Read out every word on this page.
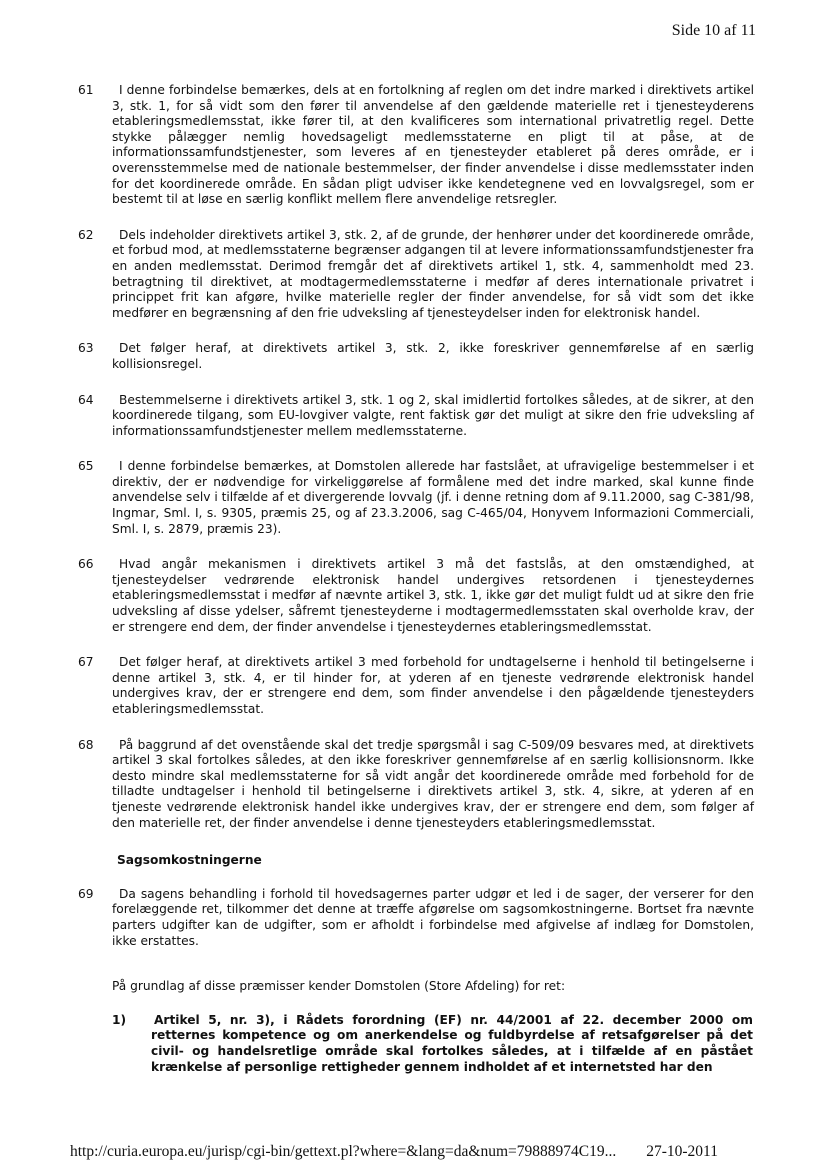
Side 10 af 11
61	I denne forbindelse bemærkes, dels at en fortolkning af reglen om det indre marked i direktivets artikel 3, stk. 1, for så vidt som den fører til anvendelse af den gældende materielle ret i tjenesteyderens etableringsmedlemsstat, ikke fører til, at den kvalificeres som international privatretlig regel. Dette stykke pålægger nemlig hovedsageligt medlemsstaterne en pligt til at påse, at de informationssamfundstjenester, som leveres af en tjenesteyder etableret på deres område, er i overensstemmelse med de nationale bestemmelser, der finder anvendelse i disse medlemsstater inden for det koordinerede område. En sådan pligt udviser ikke kendetegnene ved en lovvalgsregel, som er bestemt til at løse en særlig konflikt mellem flere anvendelige retsregler.
62	Dels indeholder direktivets artikel 3, stk. 2, af de grunde, der henhører under det koordinerede område, et forbud mod, at medlemsstaterne begrænser adgangen til at levere informationssamfundstjenester fra en anden medlemsstat. Derimod fremgår det af direktivets artikel 1, stk. 4, sammenholdt med 23. betragtning til direktivet, at modtagermedlemsstaterne i medfør af deres internationale privatret i princippet frit kan afgøre, hvilke materielle regler der finder anvendelse, for så vidt som det ikke medfører en begrænsning af den frie udveksling af tjenesteydelser inden for elektronisk handel.
63	Det følger heraf, at direktivets artikel 3, stk. 2, ikke foreskriver gennemførelse af en særlig kollisionsregel.
64	Bestemmelserne i direktivets artikel 3, stk. 1 og 2, skal imidlertid fortolkes således, at de sikrer, at den koordinerede tilgang, som EU-lovgiver valgte, rent faktisk gør det muligt at sikre den frie udveksling af informationssamfundstjenester mellem medlemsstaterne.
65	I denne forbindelse bemærkes, at Domstolen allerede har fastslået, at ufravigelige bestemmelser i et direktiv, der er nødvendige for virkeliggørelse af formålene med det indre marked, skal kunne finde anvendelse selv i tilfælde af et divergerende lovvalg (jf. i denne retning dom af 9.11.2000, sag C-381/98, Ingmar, Sml. I, s. 9305, præmis 25, og af 23.3.2006, sag C-465/04, Honyvem Informazioni Commerciali, Sml. I, s. 2879, præmis 23).
66	Hvad angår mekanismen i direktivets artikel 3 må det fastslås, at den omstændighed, at tjenesteydelser vedrørende elektronisk handel undergives retsordenen i tjenesteydernes etableringsmedlemsstat i medfør af nævnte artikel 3, stk. 1, ikke gør det muligt fuldt ud at sikre den frie udveksling af disse ydelser, såfremt tjenesteyderne i modtagermedlemsstaten skal overholde krav, der er strengere end dem, der finder anvendelse i tjenesteydernes etableringsmedlemsstat.
67	Det følger heraf, at direktivets artikel 3 med forbehold for undtagelserne i henhold til betingelserne i denne artikel 3, stk. 4, er til hinder for, at yderen af en tjeneste vedrørende elektronisk handel undergives krav, der er strengere end dem, som finder anvendelse i den pågældende tjenesteyders etableringsmedlemsstat.
68	På baggrund af det ovenstående skal det tredje spørgsmål i sag C-509/09 besvares med, at direktivets artikel 3 skal fortolkes således, at den ikke foreskriver gennemførelse af en særlig kollisionsnorm. Ikke desto mindre skal medlemsstaterne for så vidt angår det koordinerede område med forbehold for de tilladte undtagelser i henhold til betingelserne i direktivets artikel 3, stk. 4, sikre, at yderen af en tjeneste vedrørende elektronisk handel ikke undergives krav, der er strengere end dem, som følger af den materielle ret, der finder anvendelse i denne tjenesteyders etableringsmedlemsstat.
Sagsomkostningerne
69	Da sagens behandling i forhold til hovedsagernes parter udgør et led i de sager, der verserer for den forelæggende ret, tilkommer det denne at træffe afgørelse om sagsomkostningerne. Bortset fra nævnte parters udgifter kan de udgifter, som er afholdt i forbindelse med afgivelse af indlæg for Domstolen, ikke erstattes.
På grundlag af disse præmisser kender Domstolen (Store Afdeling) for ret:
1) Artikel 5, nr. 3), i Rådets forordning (EF) nr. 44/2001 af 22. december 2000 om retternes kompetence og om anerkendelse og fuldbyrdelse af retsafgørelser på det civil- og handelsretlige område skal fortolkes således, at i tilfælde af en påstået krænkelse af personlige rettigheder gennem indholdet af et internetsted har den
http://curia.europa.eu/jurisp/cgi-bin/gettext.pl?where=&lang=da&num=79888974C19... 27-10-2011
